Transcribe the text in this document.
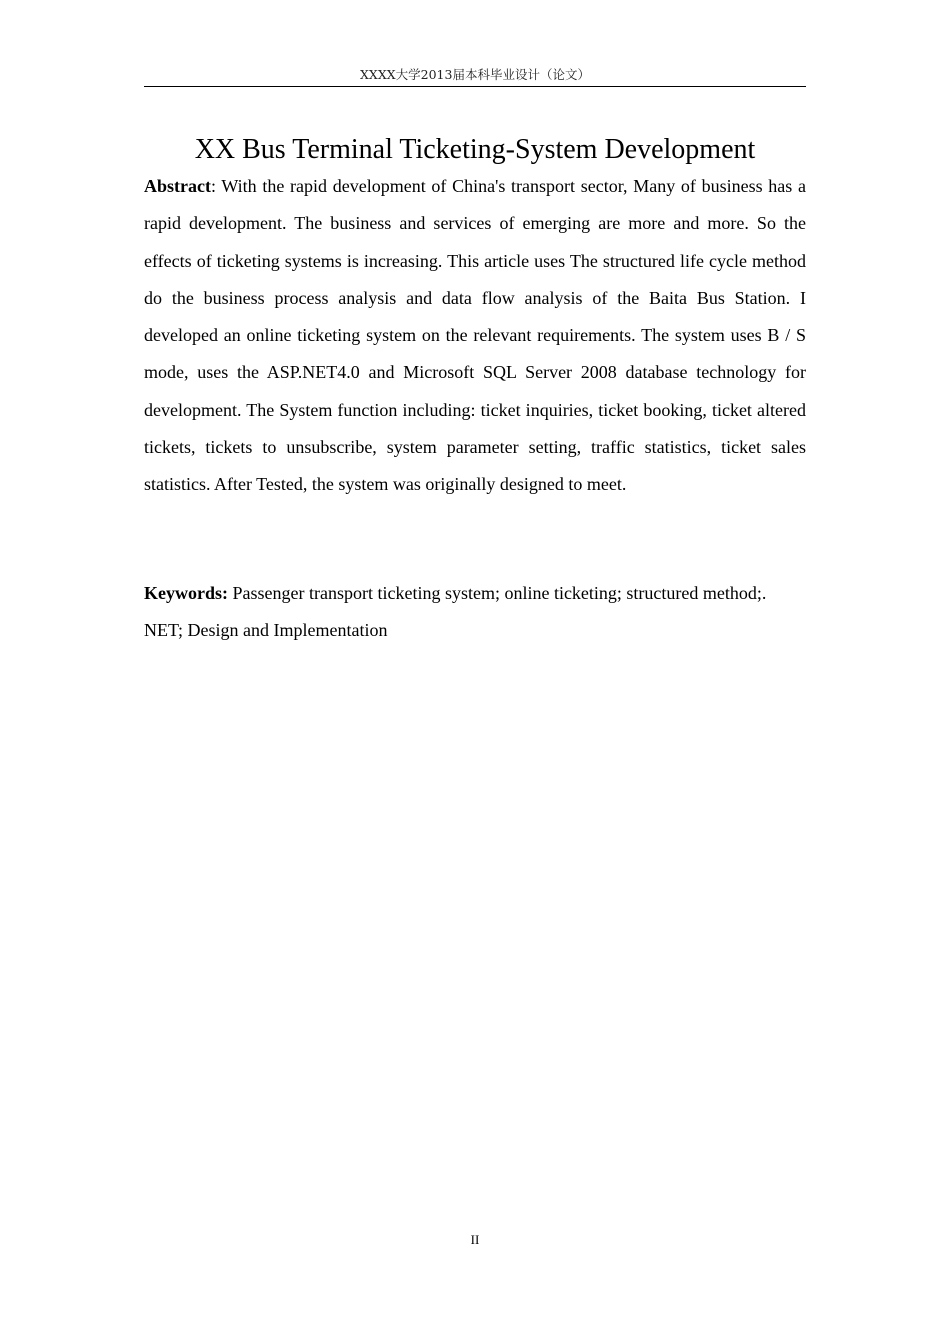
XXXX大学2013届本科毕业设计（论文）
XX Bus Terminal Ticketing-System Development

Abstract: With the rapid development of China's transport sector, Many of business has a rapid development. The business and services of emerging are more and more. So the effects of ticketing systems is increasing. This article uses The structured life cycle method do the business process analysis and data flow analysis of the Baita Bus Station. I developed an online ticketing system on the relevant requirements. The system uses B / S mode, uses the ASP.NET4.0 and Microsoft SQL Server 2008 database technology for development. The System function including: ticket inquiries, ticket booking, ticket altered tickets, tickets to unsubscribe, system parameter setting, traffic statistics, ticket sales statistics. After Tested, the system was originally designed to meet.

Keywords: Passenger transport ticketing system; online ticketing; structured method;. NET; Design and Implementation

II
